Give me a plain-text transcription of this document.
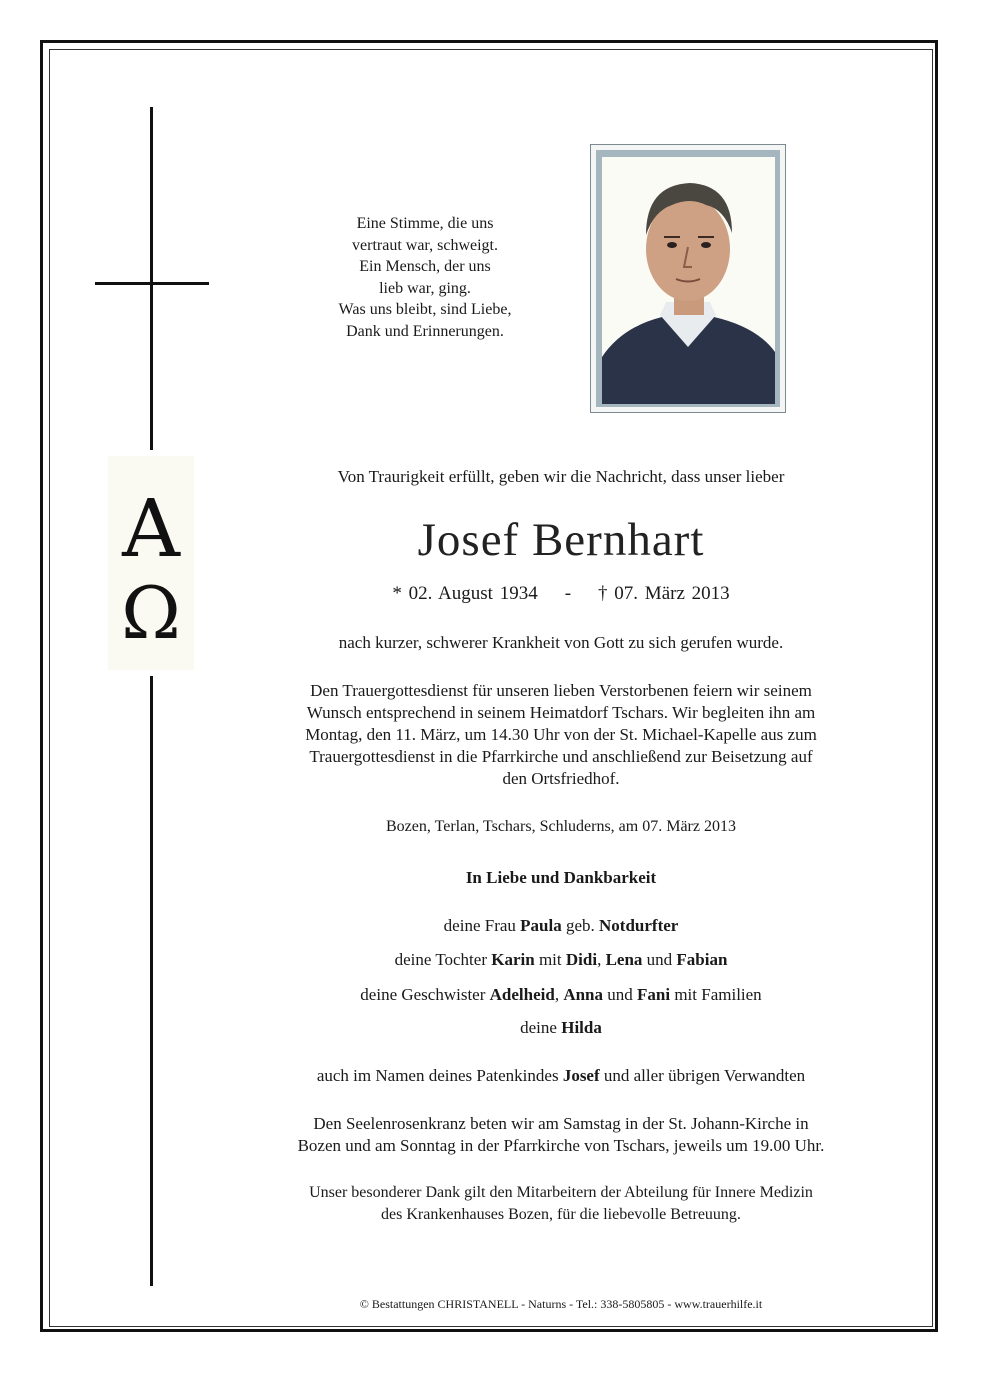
A
Ω
Eine Stimme, die uns
vertraut war, schweigt.
Ein Mensch, der uns
lieb war, ging.
Was uns bleibt, sind Liebe,
Dank und Erinnerungen.
Von Traurigkeit erfüllt, geben wir die Nachricht, dass unser lieber
Josef Bernhart
* 02. August 1934 - † 07. März 2013
nach kurzer, schwerer Krankheit von Gott zu sich gerufen wurde.
Den Trauergottesdienst für unseren lieben Verstorbenen feiern wir seinem
Wunsch entsprechend in seinem Heimatdorf Tschars. Wir begleiten ihn am
Montag, den 11. März, um 14.30 Uhr von der St. Michael-Kapelle aus zum
Trauergottesdienst in die Pfarrkirche und anschließend zur Beisetzung auf
den Ortsfriedhof.
Bozen, Terlan, Tschars, Schluderns, am 07. März 2013
In Liebe und Dankbarkeit
deine Frau Paula geb. Notdurfter
deine Tochter Karin mit Didi, Lena und Fabian
deine Geschwister Adelheid, Anna und Fani mit Familien
deine Hilda
auch im Namen deines Patenkindes Josef und aller übrigen Verwandten
Den Seelenrosenkranz beten wir am Samstag in der St. Johann-Kirche in
Bozen und am Sonntag in der Pfarrkirche von Tschars, jeweils um 19.00 Uhr.
Unser besonderer Dank gilt den Mitarbeitern der Abteilung für Innere Medizin
des Krankenhauses Bozen, für die liebevolle Betreuung.
© Bestattungen CHRISTANELL - Naturns - Tel.: 338-5805805 - www.trauerhilfe.it
